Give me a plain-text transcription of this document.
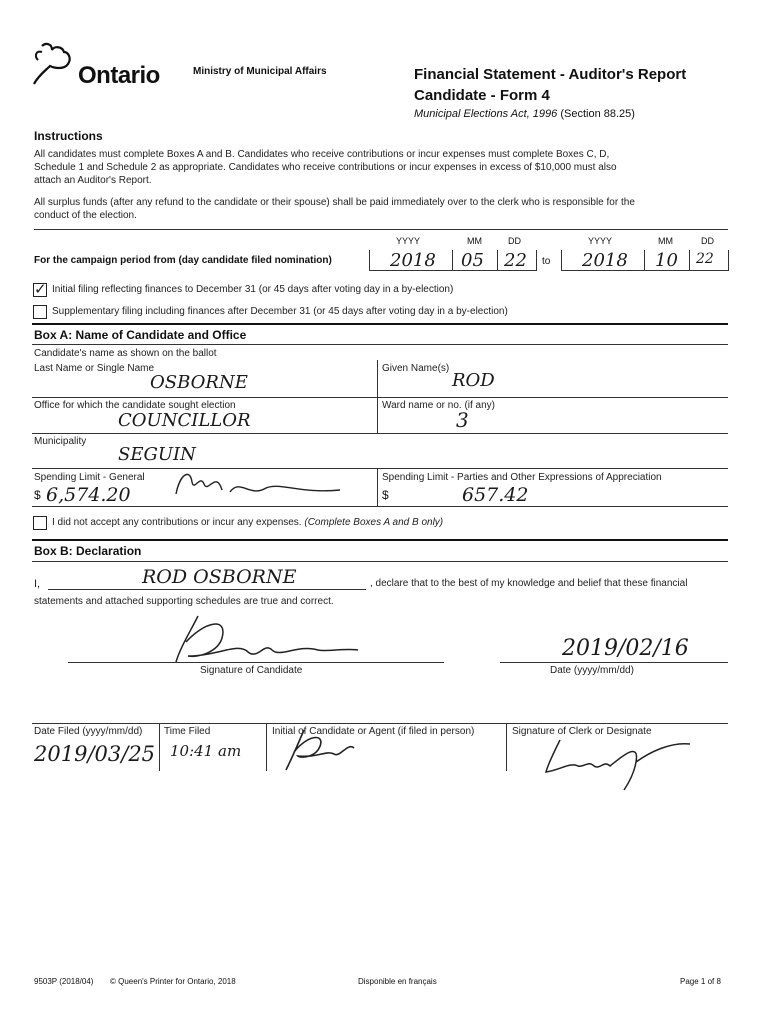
Ontario	Ministry of Municipal Affairs	Financial Statement - Auditor's Report
Candidate - Form 4
Municipal Elections Act, 1996 (Section 88.25)
Instructions
All candidates must complete Boxes A and B. Candidates who receive contributions or incur expenses must complete Boxes C, D,
Schedule 1 and Schedule 2 as appropriate. Candidates who receive contributions or incur expenses in excess of $10,000 must also
attach an Auditor's Report.
All surplus funds (after any refund to the candidate or their spouse) shall be paid immediately over to the clerk who is responsible for the
conduct of the election.
YYYY	MM	DD	YYYY	MM	DD
For the campaign period from (day candidate filed nomination)	2018 05 22 to 2018 10 22
✓ Initial filing reflecting finances to December 31 (or 45 days after voting day in a by-election)
Supplementary filing including finances after December 31 (or 45 days after voting day in a by-election)
Box A: Name of Candidate and Office
Candidate's name as shown on the ballot
Last Name or Single Name	Given Name(s)
OSBORNE	ROD
Office for which the candidate sought election	Ward name or no. (if any)
COUNCILLOR	3
Municipality
SEGUIN
Spending Limit - General	Spending Limit - Parties and Other Expressions of Appreciation
$ 6,574.20	$	657.42
I did not accept any contributions or incur any expenses. (Complete Boxes A and B only)
Box B: Declaration
I,	ROD OSBORNE	, declare that to the best of my knowledge and belief that these financial
statements and attached supporting schedules are true and correct.
Signature of Candidate
2019/02/16
Date (yyyy/mm/dd)
Date Filed (yyyy/mm/dd) Time Filed	Initial of Candidate or Agent (if filed in person)	Signature of Clerk or Designate
2019/03/25 10:41 am
9503P (2018/04) © Queen's Printer for Ontario, 2018	Disponible en français	Page 1 of 8
